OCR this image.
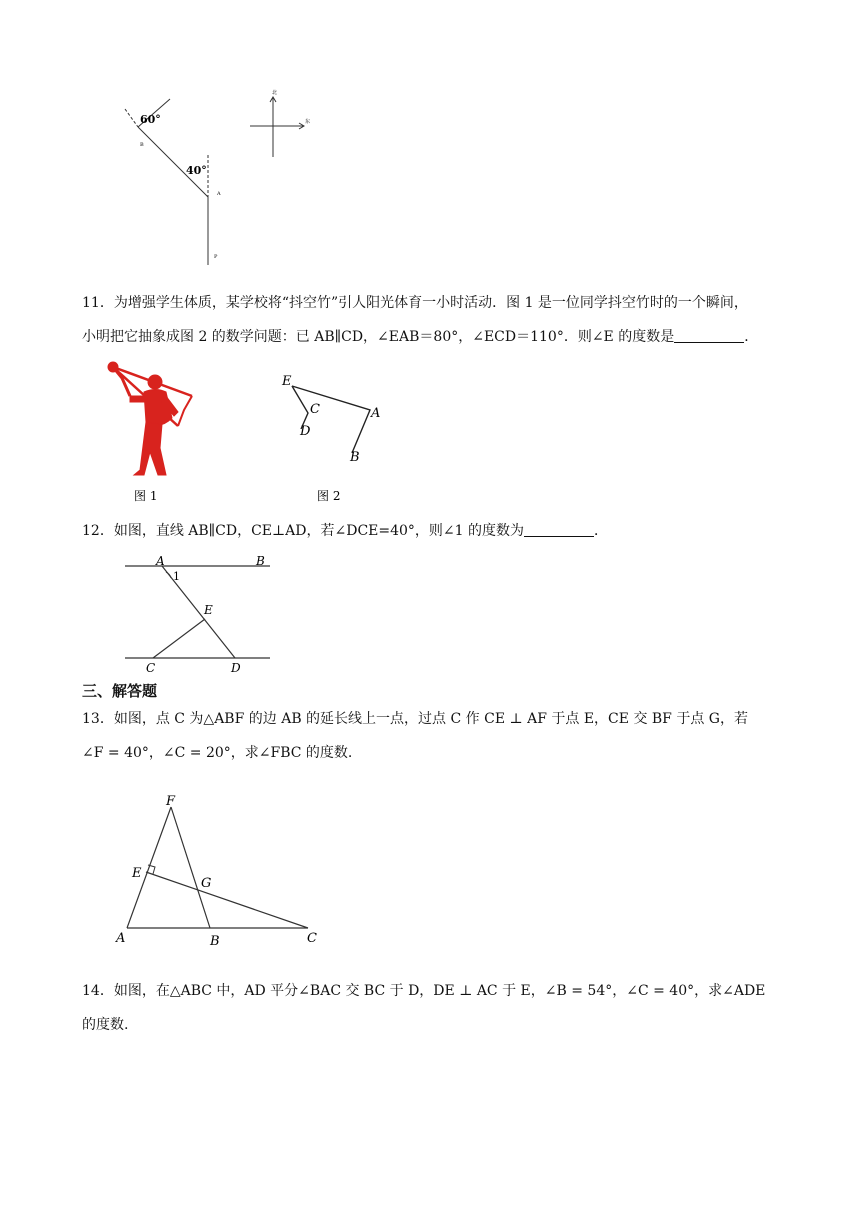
60°
40°
B
A
P
北
东
11．为增强学生体质，某学校将“抖空竹”引人阳光体育一小时活动．图 1 是一位同学抖空竹时的一个瞬间，
小明把它抽象成图 2 的数学问题：已 AB∥CD，∠EAB＝80°，∠ECD＝110°．则∠E 的度数是	．
图 1
E
C
D
A
B
图 2
12．如图，直线 AB∥CD，CE⊥AD，若∠DCE=40°，则∠1 的度数为	．
A	B
1
E
C	D
三、解答题
13．如图，点 C 为△ABF 的边 AB 的延长线上一点，过点 C 作 CE ⊥ AF 于点 E，CE 交 BF 于点 G，若
∠F = 40°，∠C = 20°，求∠FBC 的度数.
F
E
G
A	B	C
14．如图，在△ABC 中，AD 平分∠BAC 交 BC 于 D，DE ⊥ AC 于 E，∠B = 54°，∠C = 40°，求∠ADE
的度数.
